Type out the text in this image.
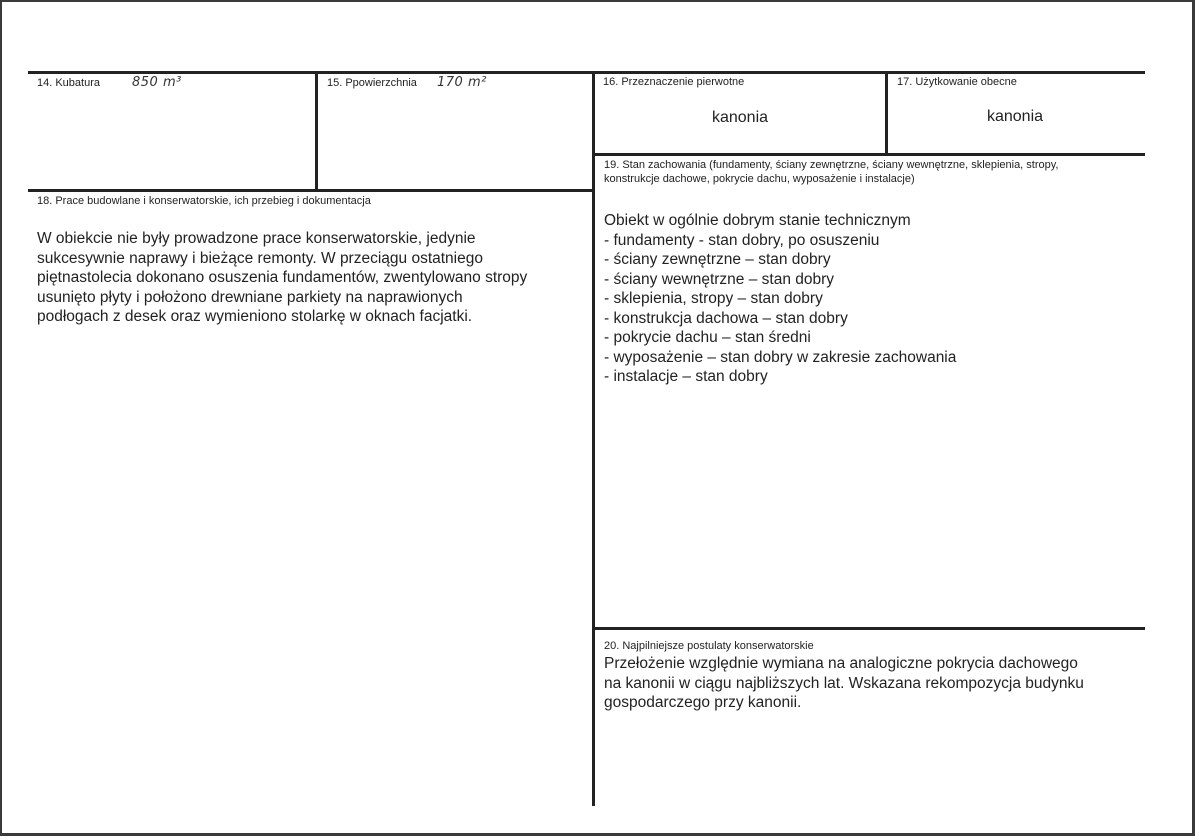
14. Kubatura 850 m³	15. Ppowierzchnia 170 m²	16. Przeznaczenie pierwotne
kanonia
17. Użytkowanie obecne
kanonia
18. Prace budowlane i konserwatorskie, ich przebieg i dokumentacja
W obiekcie nie były prowadzone prace konserwatorskie, jedynie
sukcesywnie naprawy i bieżące remonty. W przeciągu ostatniego
piętnastolecia dokonano osuszenia fundamentów, zwentylowano stropy
usunięto płyty i położono drewniane parkiety na naprawionych
podłogach z desek oraz wymieniono stolarkę w oknach facjatki.
19. Stan zachowania (fundamenty, ściany zewnętrzne, ściany wewnętrzne, sklepienia, stropy,
konstrukcje dachowe, pokrycie dachu, wyposażenie i instalacje)
Obiekt w ogólnie dobrym stanie technicznym
- fundamenty - stan dobry, po osuszeniu
- ściany zewnętrzne – stan dobry
- ściany wewnętrzne – stan dobry
- sklepienia, stropy – stan dobry
- konstrukcja dachowa – stan dobry
- pokrycie dachu – stan średni
- wyposażenie – stan dobry w zakresie zachowania
- instalacje – stan dobry
20. Najpilniejsze postulaty konserwatorskie
Przełożenie względnie wymiana na analogiczne pokrycia dachowego
na kanonii w ciągu najbliższych lat. Wskazana rekompozycja budynku
gospodarczego przy kanonii.
